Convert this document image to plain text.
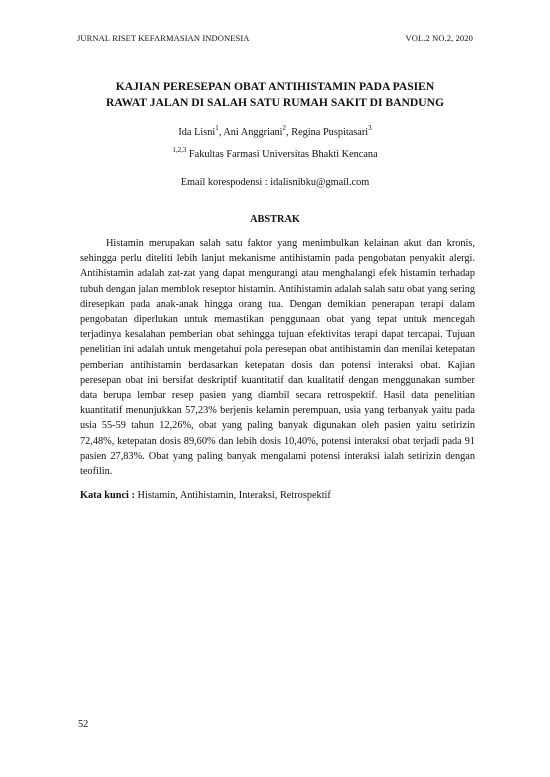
JURNAL RISET KEFARMASIAN INDONESIA	VOL.2 NO.2, 2020
KAJIAN PERESEPAN OBAT ANTIHISTAMIN PADA PASIEN
RAWAT JALAN DI SALAH SATU RUMAH SAKIT DI BANDUNG
Ida Lisni$^1$, Ani Anggriani$^2$, Regina Puspitasari$^3$
$^{1,2,3}$ Fakultas Farmasi Universitas Bhakti Kencana
Email korespodensi : idalisnibku@gmail.com
ABSTRAK

Histamin merupakan salah satu faktor yang menimbulkan kelainan akut dan kronis, sehingga perlu diteliti lebih lanjut mekanisme antihistamin pada pengobatan penyakit alergi. Antihistamin adalah zat-zat yang dapat mengurangi atau menghalangi efek histamin terhadap tubuh dengan jalan memblok reseptor histamin. Antihistamin adalah salah satu obat yang sering diresepkan pada anak-anak hingga orang tua. Dengan demikian penerapan terapi dalam pengobatan diperlukan untuk memastikan penggunaan obat yang tepat untuk mencegah terjadinya kesalahan pemberian obat sehingga tujuan efektivitas terapi dapat tercapai. Tujuan penelitian ini adalah untuk mengetahui pola peresepan obat antihistamin dan menilai ketepatan pemberian antihistamin berdasarkan ketepatan dosis dan potensi interaksi obat. Kajian peresepan obat ini bersifat deskriptif kuantitatif dan kualitatif dengan menggunakan sumber data berupa lembar resep pasien yang diambil secara retrospektif. Hasil data penelitian kuantitatif menunjukkan 57,23% berjenis kelamin perempuan, usia yang terbanyak yaitu pada usia 55-59 tahun 12,26%, obat yang paling banyak digunakan oleh pasien yaitu setirizin 72,48%, ketepatan dosis 89,60% dan lebih dosis 10,40%, potensi interaksi obat terjadi pada 91 pasien 27,83%. Obat yang paling banyak mengalami potensi interaksi ialah setirizin dengan teofilin.

Kata kunci : Histamin, Antihistamin, Interaksi, Retrospektif
52
